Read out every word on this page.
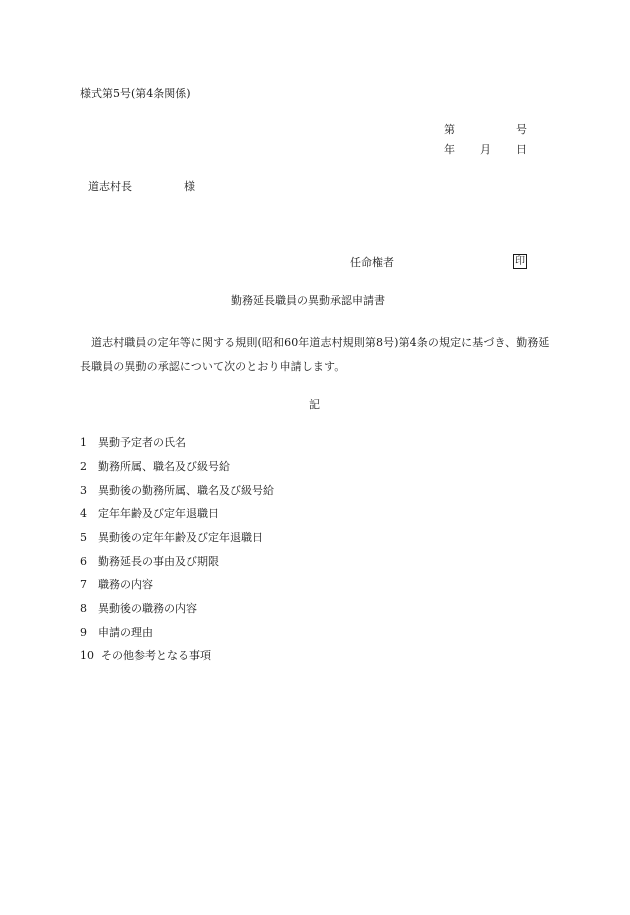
様式第5号(第4条関係)
第	号
年 月 日
道志村長	様
任命権者	印
勤務延長職員の異動承認申請書
道志村職員の定年等に関する規則(昭和60年道志村規則第8号)第4条の規定に基づき、勤務延長職員の異動の承認について次のとおり申請します。
記
1 異動予定者の氏名
2 勤務所属、職名及び級号給
3 異動後の勤務所属、職名及び級号給
4 定年年齢及び定年退職日
5 異動後の定年年齢及び定年退職日
6 勤務延長の事由及び期限
7 職務の内容
8 異動後の職務の内容
9 申請の理由
10 その他参考となる事項
